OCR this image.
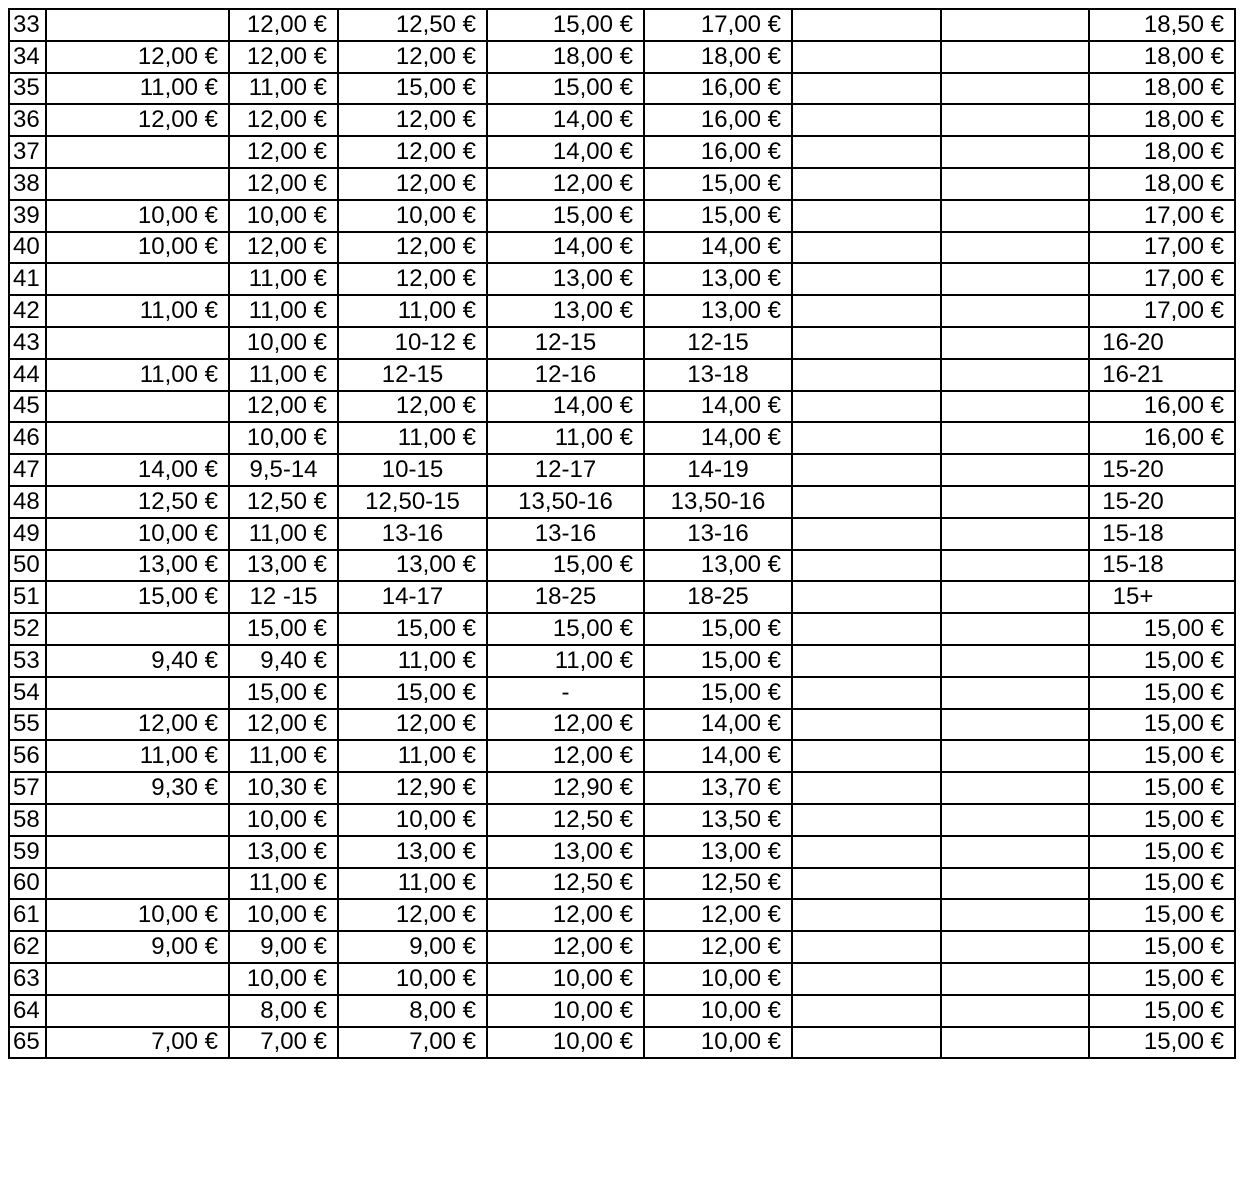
33		12,00 €	12,50 €	15,00 €	17,00 €			18,50 €
34	12,00 €	12,00 €	12,00 €	18,00 €	18,00 €			18,00 €
35	11,00 €	11,00 €	15,00 €	15,00 €	16,00 €			18,00 €
36	12,00 €	12,00 €	12,00 €	14,00 €	16,00 €			18,00 €
37		12,00 €	12,00 €	14,00 €	16,00 €			18,00 €
38		12,00 €	12,00 €	12,00 €	15,00 €			18,00 €
39	10,00 €	10,00 €	10,00 €	15,00 €	15,00 €			17,00 €
40	10,00 €	12,00 €	12,00 €	14,00 €	14,00 €			17,00 €
41		11,00 €	12,00 €	13,00 €	13,00 €			17,00 €
42	11,00 €	11,00 €	11,00 €	13,00 €	13,00 €			17,00 €
43		10,00 €	10-12 €	12-15	12-15			16-20
44	11,00 €	11,00 €	12-15	12-16	13-18			16-21
45		12,00 €	12,00 €	14,00 €	14,00 €			16,00 €
46		10,00 €	11,00 €	11,00 €	14,00 €			16,00 €
47	14,00 €	9,5-14	10-15	12-17	14-19			15-20
48	12,50 €	12,50 €	12,50-15	13,50-16	13,50-16			15-20
49	10,00 €	11,00 €	13-16	13-16	13-16			15-18
50	13,00 €	13,00 €	13,00 €	15,00 €	13,00 €			15-18
51	15,00 €	12 -15	14-17	18-25	18-25			15+
52		15,00 €	15,00 €	15,00 €	15,00 €			15,00 €
53	9,40 €	9,40 €	11,00 €	11,00 €	15,00 €			15,00 €
54		15,00 €	15,00 €	-	15,00 €			15,00 €
55	12,00 €	12,00 €	12,00 €	12,00 €	14,00 €			15,00 €
56	11,00 €	11,00 €	11,00 €	12,00 €	14,00 €			15,00 €
57	9,30 €	10,30 €	12,90 €	12,90 €	13,70 €			15,00 €
58		10,00 €	10,00 €	12,50 €	13,50 €			15,00 €
59		13,00 €	13,00 €	13,00 €	13,00 €			15,00 €
60		11,00 €	11,00 €	12,50 €	12,50 €			15,00 €
61	10,00 €	10,00 €	12,00 €	12,00 €	12,00 €			15,00 €
62	9,00 €	9,00 €	9,00 €	12,00 €	12,00 €			15,00 €
63		10,00 €	10,00 €	10,00 €	10,00 €			15,00 €
64		8,00 €	8,00 €	10,00 €	10,00 €			15,00 €
65	7,00 €	7,00 €	7,00 €	10,00 €	10,00 €			15,00 €
